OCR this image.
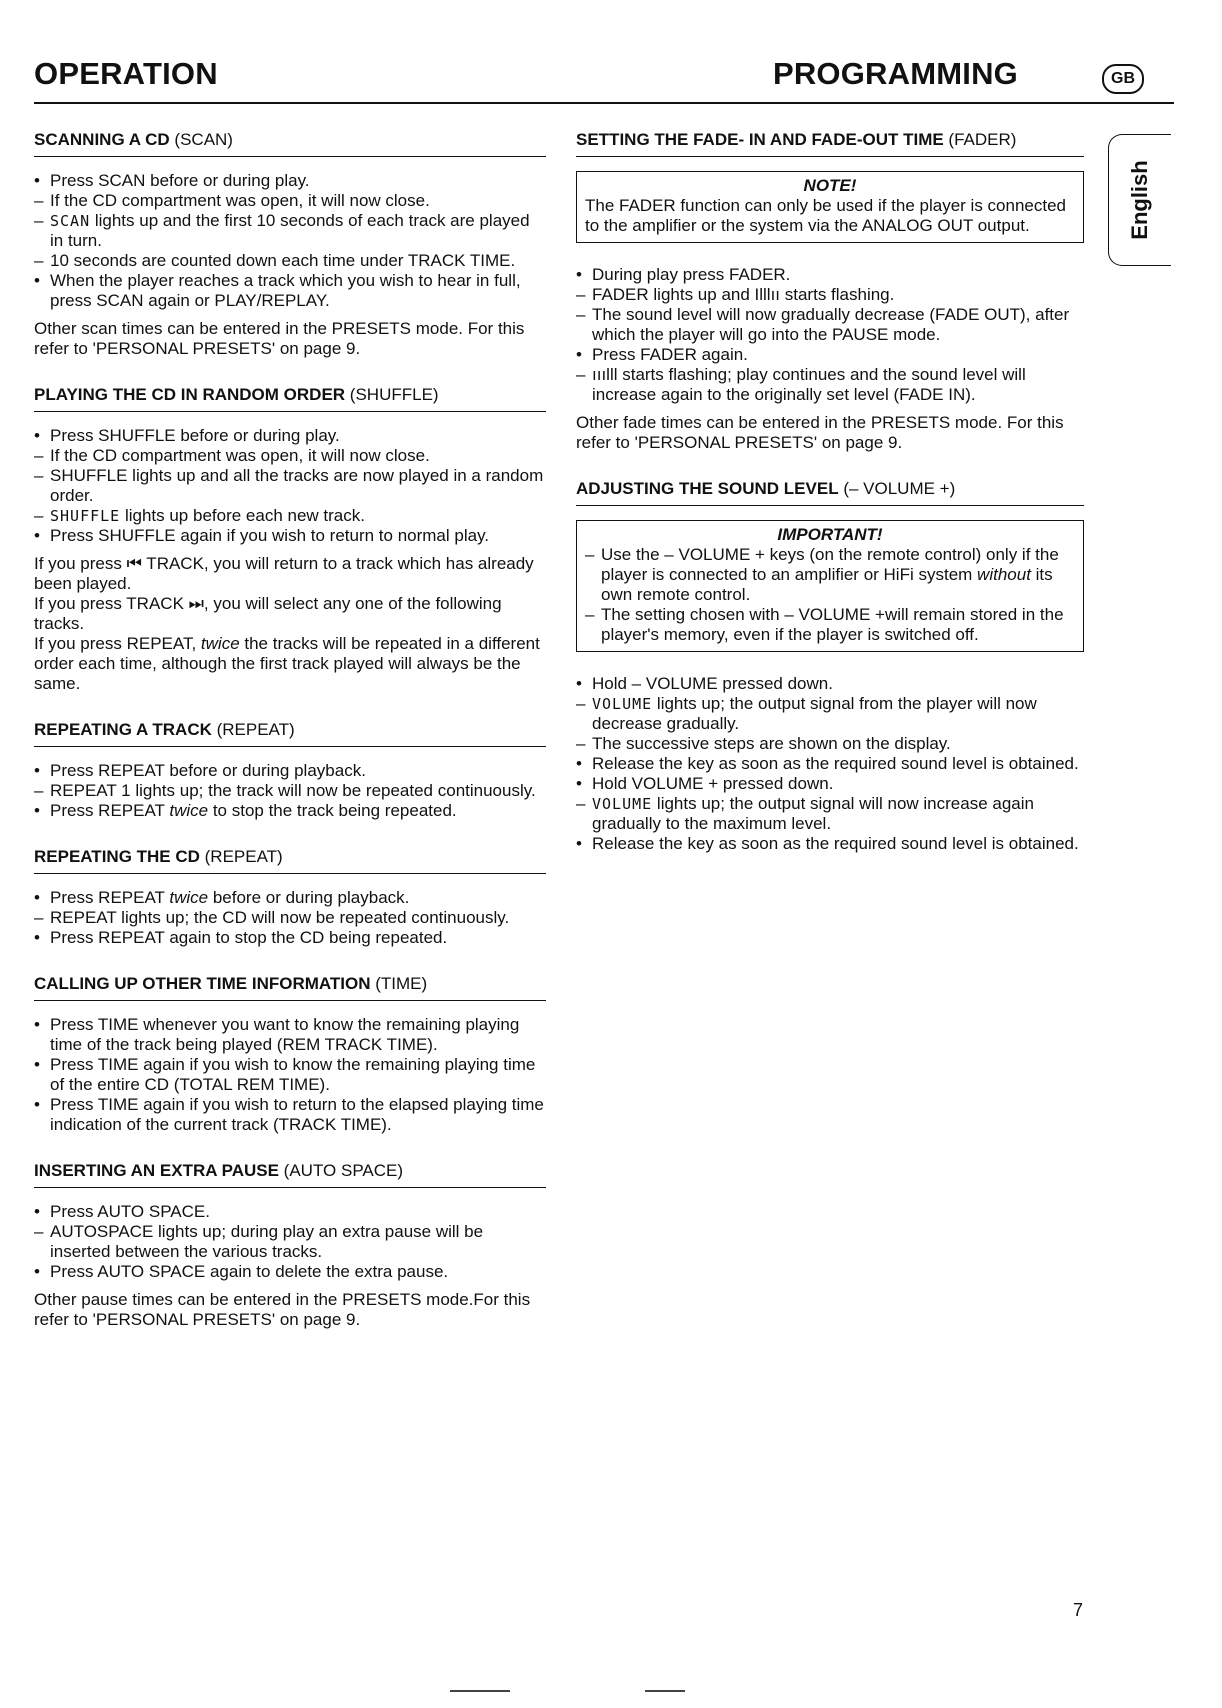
OPERATION	PROGRAMMING	GB
English
SCANNING A CD (SCAN)
• Press SCAN before or during play.
– If the CD compartment was open, it will now close.
– SCAN lights up and the first 10 seconds of each track are played in turn.
– 10 seconds are counted down each time under TRACK TIME.
• When the player reaches a track which you wish to hear in full, press SCAN again or PLAY/REPLAY.
Other scan times can be entered in the PRESETS mode. For this refer to 'PERSONAL PRESETS' on page 9.
PLAYING THE CD IN RANDOM ORDER (SHUFFLE)
• Press SHUFFLE before or during play.
– If the CD compartment was open, it will now close.
– SHUFFLE lights up and all the tracks are now played in a random order.
– SHUFFLE lights up before each new track.
• Press SHUFFLE again if you wish to return to normal play.
If you press ⏮ TRACK, you will return to a track which has already been played.
If you press TRACK ⏭, you will select any one of the following tracks.
If you press REPEAT, twice the tracks will be repeated in a different order each time, although the first track played will always be the same.
REPEATING A TRACK (REPEAT)
• Press REPEAT before or during playback.
– REPEAT 1 lights up; the track will now be repeated continuously.
• Press REPEAT twice to stop the track being repeated.
REPEATING THE CD (REPEAT)
• Press REPEAT twice before or during playback.
– REPEAT lights up; the CD will now be repeated continuously.
• Press REPEAT again to stop the CD being repeated.
CALLING UP OTHER TIME INFORMATION (TIME)
• Press TIME whenever you want to know the remaining playing time of the track being played (REM TRACK TIME).
• Press TIME again if you wish to know the remaining playing time of the entire CD (TOTAL REM TIME).
• Press TIME again if you wish to return to the elapsed playing time indication of the current track (TRACK TIME).
INSERTING AN EXTRA PAUSE (AUTO SPACE)
• Press AUTO SPACE.
– AUTOSPACE lights up; during play an extra pause will be inserted between the various tracks.
• Press AUTO SPACE again to delete the extra pause.
Other pause times can be entered in the PRESETS mode.For this refer to 'PERSONAL PRESETS' on page 9.
SETTING THE FADE- IN AND FADE-OUT TIME (FADER)
NOTE!
The FADER function can only be used if the player is connected to the amplifier or the system via the ANALOG OUT output.
• During play press FADER.
– FADER lights up and Illlıı starts flashing.
– The sound level will now gradually decrease (FADE OUT), after which the player will go into the PAUSE mode.
• Press FADER again.
– ııılll starts flashing; play continues and the sound level will increase again to the originally set level (FADE IN).
Other fade times can be entered in the PRESETS mode. For this refer to 'PERSONAL PRESETS' on page 9.
ADJUSTING THE SOUND LEVEL (– VOLUME +)
IMPORTANT!
– Use the – VOLUME + keys (on the remote control) only if the player is connected to an amplifier or HiFi system without its own remote control.
– The setting chosen with – VOLUME +will remain stored in the player's memory, even if the player is switched off.
• Hold – VOLUME pressed down.
– VOLUME lights up; the output signal from the player will now decrease gradually.
– The successive steps are shown on the display.
• Release the key as soon as the required sound level is obtained.
• Hold VOLUME + pressed down.
– VOLUME lights up; the output signal will now increase again gradually to the maximum level.
• Release the key as soon as the required sound level is obtained.
7
